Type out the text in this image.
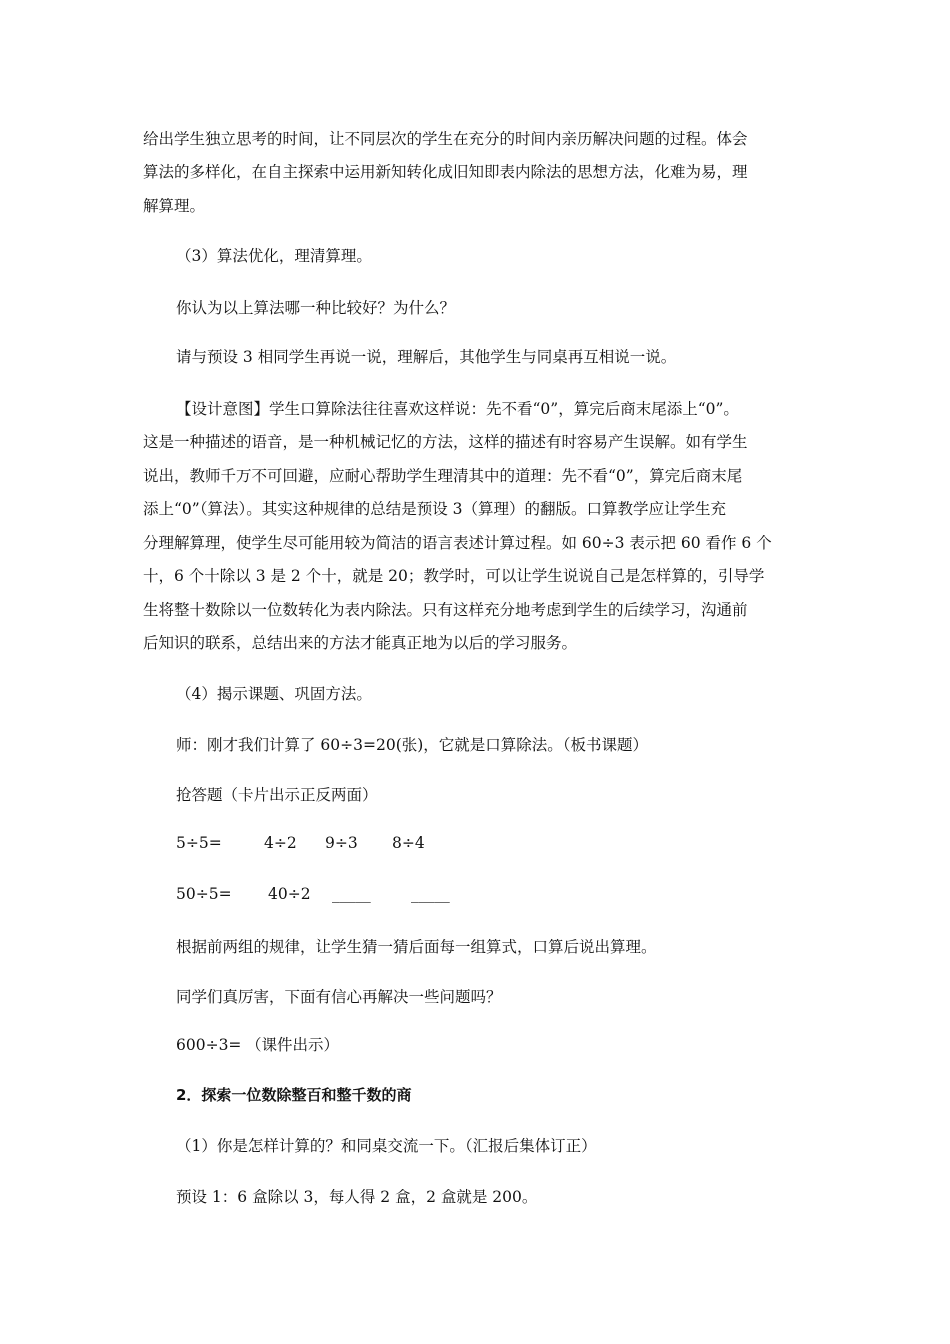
给出学生独立思考的时间，让不同层次的学生在充分的时间内亲历解决问题的过程。体会
算法的多样化，在自主探索中运用新知转化成旧知即表内除法的思想方法，化难为易，理
解算理。
（3）算法优化，理清算理。
你认为以上算法哪一种比较好？为什么？
请与预设 3 相同学生再说一说，理解后，其他学生与同桌再互相说一说。
【设计意图】学生口算除法往往喜欢这样说：先不看“0”，算完后商末尾添上“0”。
这是一种描述的语音，是一种机械记忆的方法，这样的描述有时容易产生误解。如有学生
说出，教师千万不可回避，应耐心帮助学生理清其中的道理：先不看“0”，算完后商末尾
添上“0”（算法）。其实这种规律的总结是预设 3（算理）的翻版。口算教学应让学生充
分理解算理，使学生尽可能用较为简洁的语言表述计算过程。如 60÷3 表示把 60 看作 6 个
十，6 个十除以 3 是 2 个十，就是 20；教学时，可以让学生说说自己是怎样算的，引导学
生将整十数除以一位数转化为表内除法。只有这样充分地考虑到学生的后续学习，沟通前
后知识的联系，总结出来的方法才能真正地为以后的学习服务。
（4）揭示课题、巩固方法。
师：刚才我们计算了 60÷3=20(张)，它就是口算除法。（板书课题）
抢答题（卡片出示正反两面）
5÷5=	4÷2 9÷3 8÷4
50÷5= 40÷2 _____	_____
根据前两组的规律，让学生猜一猜后面每一组算式，口算后说出算理。
同学们真厉害，下面有信心再解决一些问题吗？
600÷3= （课件出示）
2．探索一位数除整百和整千数的商
（1）你是怎样计算的？和同桌交流一下。（汇报后集体订正）
预设 1：6 盒除以 3，每人得 2 盒，2 盒就是 200。
